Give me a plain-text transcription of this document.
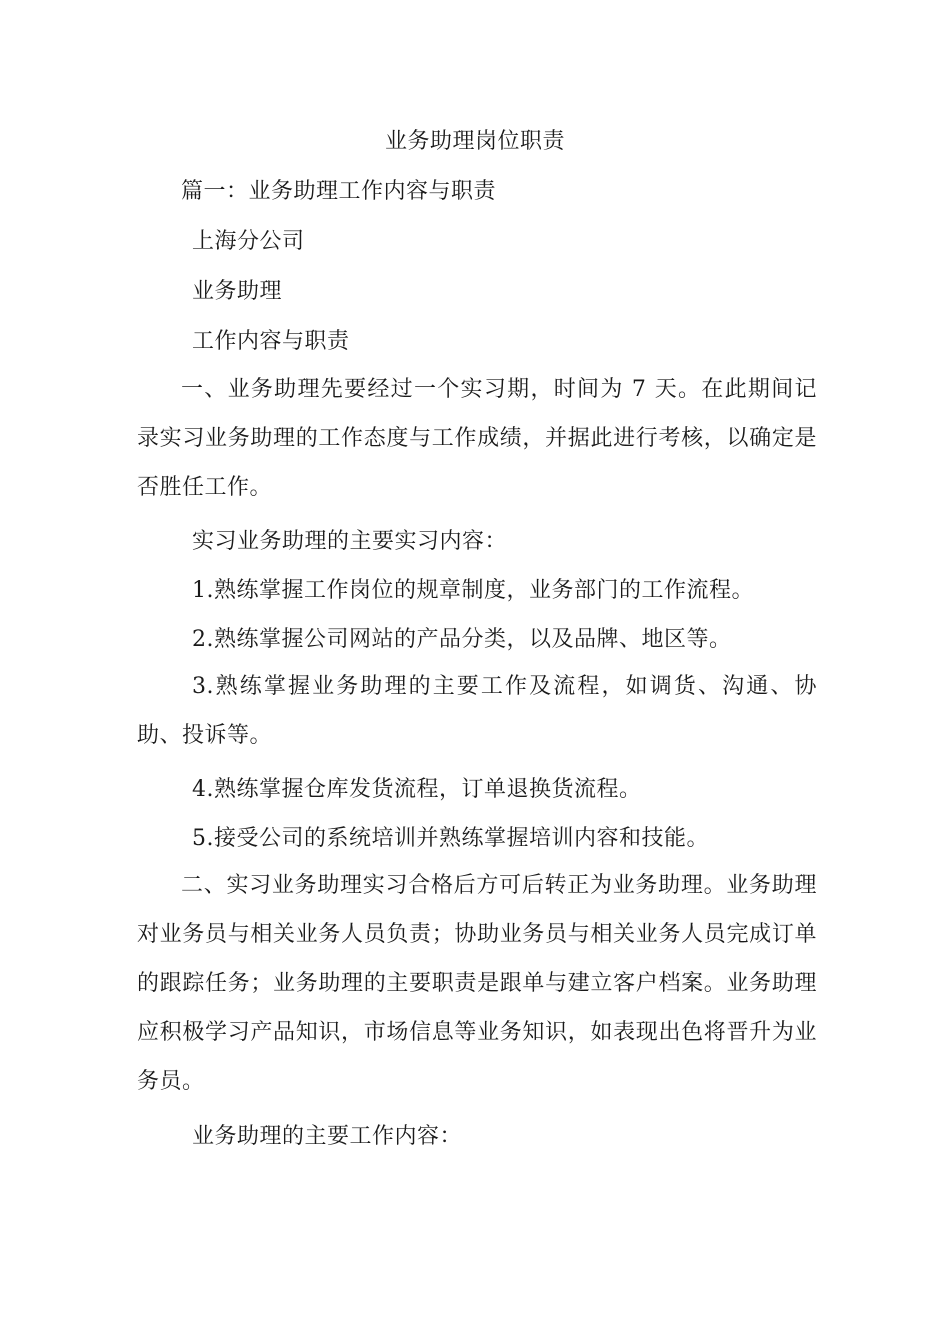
业务助理岗位职责
篇一：业务助理工作内容与职责
上海分公司
业务助理
工作内容与职责
一、业务助理先要经过一个实习期，时间为 7 天。在此期间记录实习业务助理的工作态度与工作成绩，并据此进行考核，以确定是否胜任工作。
实习业务助理的主要实习内容：
1.熟练掌握工作岗位的规章制度，业务部门的工作流程。
2.熟练掌握公司网站的产品分类，以及品牌、地区等。
3.熟练掌握业务助理的主要工作及流程，如调货、沟通、协助、投诉等。
4.熟练掌握仓库发货流程，订单退换货流程。
5.接受公司的系统培训并熟练掌握培训内容和技能。
二、实习业务助理实习合格后方可后转正为业务助理。业务助理对业务员与相关业务人员负责；协助业务员与相关业务人员完成订单的跟踪任务；业务助理的主要职责是跟单与建立客户档案。业务助理应积极学习产品知识，市场信息等业务知识，如表现出色将晋升为业务员。
业务助理的主要工作内容：
